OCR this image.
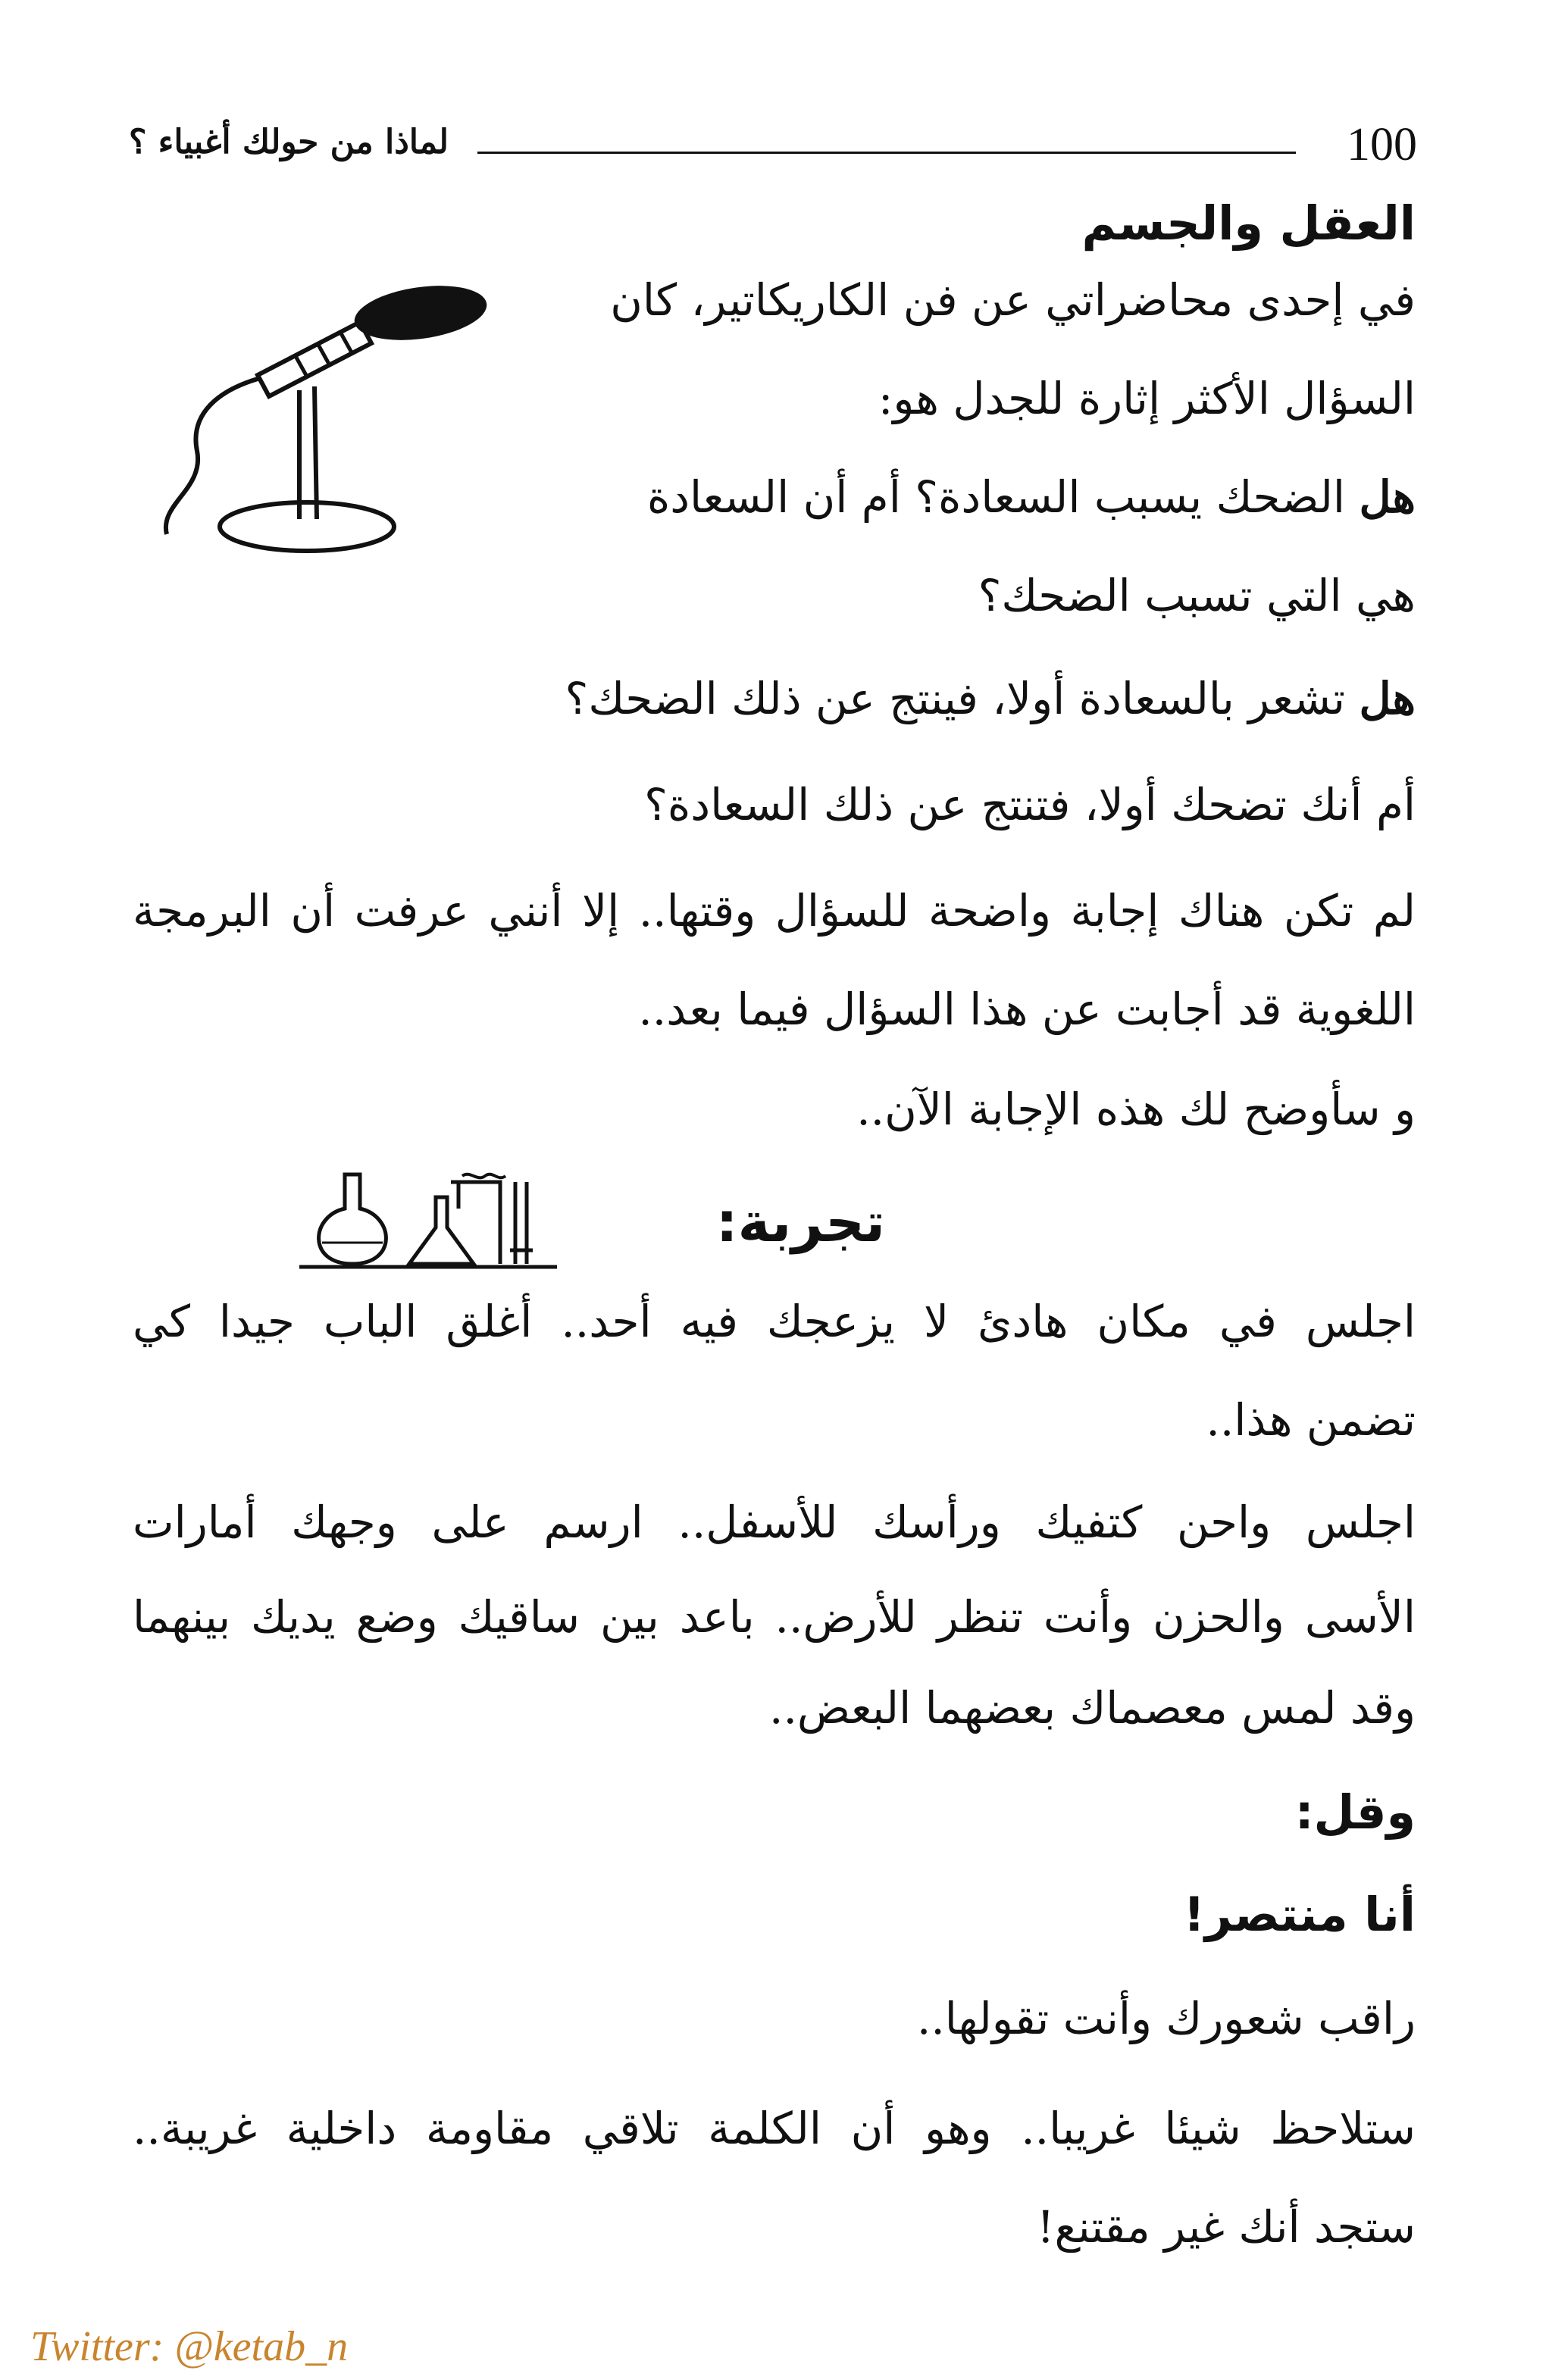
100
لماذا من حولك أغبياء ؟
العقل والجسم
في إحدى محاضراتي عن فن الكاريكاتير، كان
السؤال الأكثر إثارة للجدل هو:
هل الضحك يسبب السعادة؟ أم أن السعادة
هي التي تسبب الضحك؟
هل تشعر بالسعادة أولا، فينتج عن ذلك الضحك؟
أم أنك تضحك أولا، فتنتج عن ذلك السعادة؟
لم تكن هناك إجابة واضحة للسؤال وقتها.. إلا أنني عرفت أن البرمجة
اللغوية قد أجابت عن هذا السؤال فيما بعد..
و سأوضح لك هذه الإجابة الآن..
تجربة:
اجلس في مكان هادئ لا يزعجك فيه أحد.. أغلق الباب جيدا كي
تضمن هذا..
اجلس واحن كتفيك ورأسك للأسفل.. ارسم على وجهك أمارات
الأسى والحزن وأنت تنظر للأرض.. باعد بين ساقيك وضع يديك بينهما
وقد لمس معصماك بعضهما البعض..
وقل:
أنا منتصر!
راقب شعورك وأنت تقولها..
ستلاحظ شيئا غريبا.. وهو أن الكلمة تلاقي مقاومة داخلية غريبة..
ستجد أنك غير مقتنع!
Twitter: @ketab_n
